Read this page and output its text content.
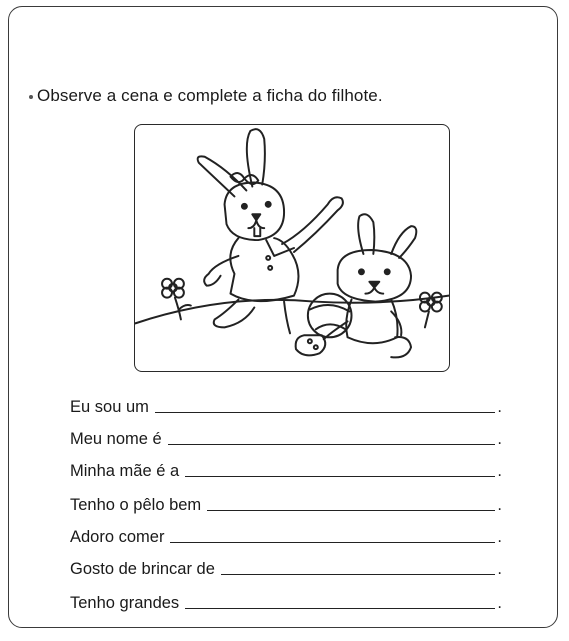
Observe a cena e complete a ficha do filhote.
Eu sou um	.
Meu nome é	.
Minha mãe é a	.
Tenho o pêlo bem	.
Adoro comer	.
Gosto de brincar de	.
Tenho grandes	.
